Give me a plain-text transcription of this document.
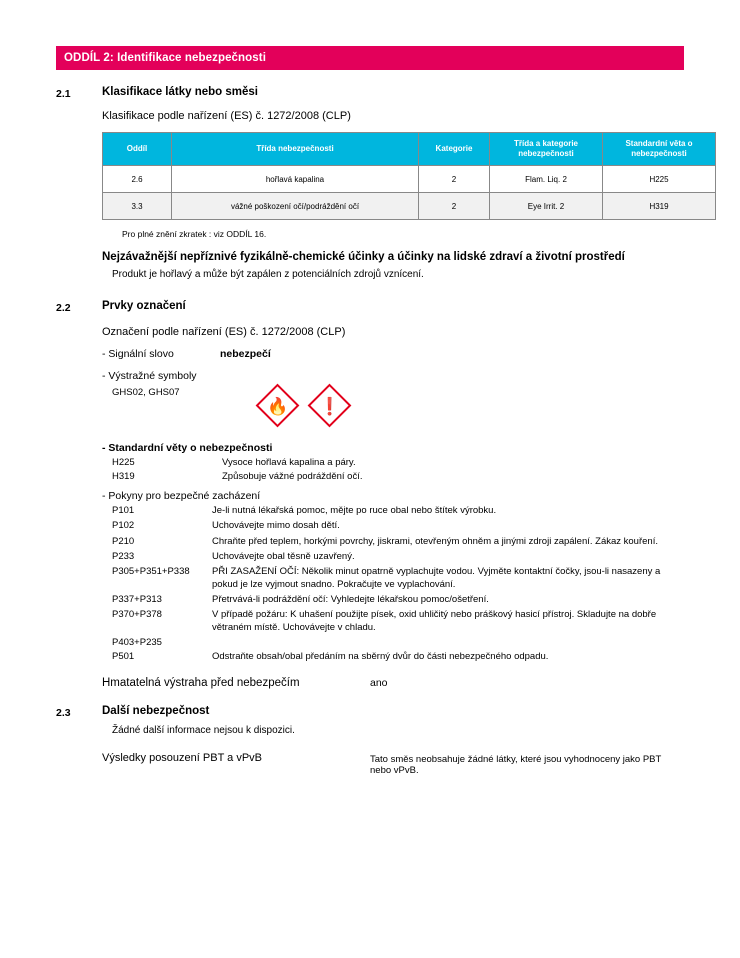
ODDÍL 2: Identifikace nebezpečnosti
2.1	Klasifikace látky nebo směsi
Klasifikace podle nařízení (ES) č. 1272/2008 (CLP)
Oddíl	Třída nebezpečnosti	Kategorie	Třída a kategorie nebezpečnosti	Standardní věta o nebezpečnosti
2.6	hořlavá kapalina	2	Flam. Liq. 2	H225
3.3	vážné poškození očí/podráždění očí	2	Eye Irrit. 2	H319
Pro plné znění zkratek : viz ODDÍL 16.
Nejzávažnější nepříznivé fyzikálně-chemické účinky a účinky na lidské zdraví a životní prostředí
Produkt je hořlavý a může být zapálen z potenciálních zdrojů vznícení.
2.2	Prvky označení
Označení podle nařízení (ES) č. 1272/2008 (CLP)
- Signální slovo	nebezpečí
- Výstražné symboly
GHS02, GHS07
🔥	❗
- Standardní věty o nebezpečnosti
H225	Vysoce hořlavá kapalina a páry.
H319	Způsobuje vážné podráždění očí.
- Pokyny pro bezpečné zacházení
P101	Je-li nutná lékařská pomoc, mějte po ruce obal nebo štítek výrobku.
P102	Uchovávejte mimo dosah dětí.
P210	Chraňte před teplem, horkými povrchy, jiskrami, otevřeným ohněm a jinými zdroji zapálení. Zákaz kouření.
P233	Uchovávejte obal těsně uzavřený.
P305+P351+P338	PŘI ZASAŽENÍ OČÍ: Několik minut opatrně vyplachujte vodou. Vyjměte kontaktní čočky, jsou-li nasazeny a pokud je lze vyjmout snadno. Pokračujte ve vyplachování.
P337+P313	Přetrvává-li podráždění očí: Vyhledejte lékařskou pomoc/ošetření.
P370+P378	V případě požáru: K uhašení použijte písek, oxid uhličitý nebo práškový hasicí přístroj. Skladujte na dobře větraném místě. Uchovávejte v chladu.
P403+P235
P501	Odstraňte obsah/obal předáním na sběrný dvůr do části nebezpečného odpadu.
Hmatatelná výstraha před nebezpečím	ano
2.3	Další nebezpečnost
Žádné další informace nejsou k dispozici.
Výsledky posouzení PBT a vPvB	Tato směs neobsahuje žádné látky, které jsou vyhodnoceny jako PBT nebo vPvB.
